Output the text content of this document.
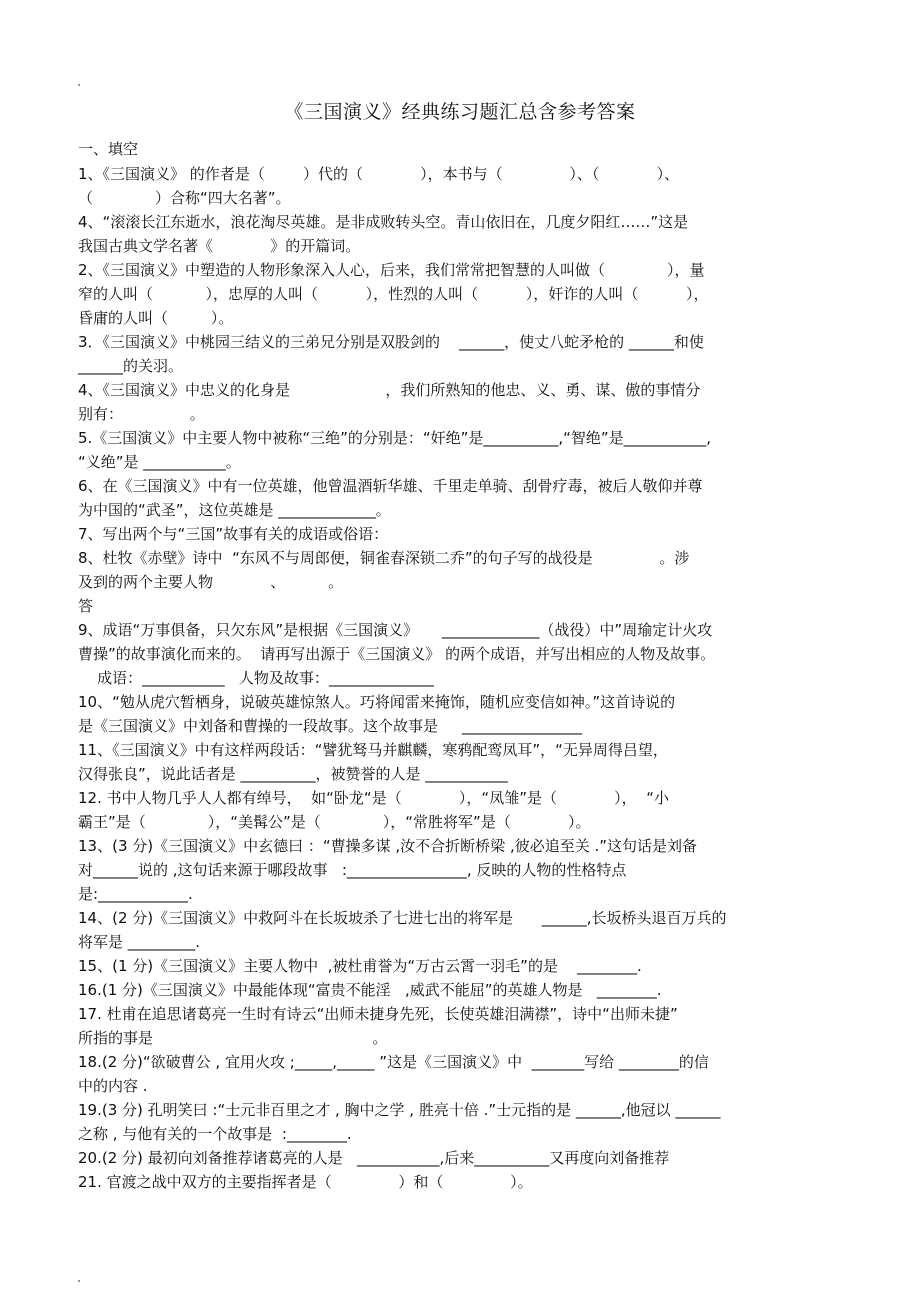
《三国演义》经典练习题汇总含参考答案
一、填空
1、《三国演义》 的作者是（        ）代的（            ），本书与（              ）、（            ）、
（             ）合称“四大名著”。
4、“滚滚长江东逝水，浪花淘尽英雄。是非成败转头空。青山依旧在，几度夕阳红……”这是
我国古典文学名著《            》的开篇词。
2、《三国演义》中塑造的人物形象深入人心，后来，我们常常把智慧的人叫做（             ），量
窄的人叫（           ），忠厚的人叫（          ），性烈的人叫（          ），奸诈的人叫（          ），
昏庸的人叫（         ）。
3．《三国演义》中桃园三结义的三弟兄分别是双股剑的    ______，使丈八蛇矛枪的 ______和使
______的关羽。
4、《三国演义》中忠义的化身是                    ，我们所熟知的他忠、义、勇、谋、傲的事情分
别有：              。
5.《三国演义》中主要人物中被称“三绝”的分别是：“奸绝”是__________,“智绝”是___________,
“义绝”是 ___________。
6、在《三国演义》中有一位英雄，他曾温酒斩华雄、千里走单骑、刮骨疗毒，被后人敬仰并尊
为中国的“武圣”，这位英雄是 _____________。
7、写出两个与“三国”故事有关的成语或俗语：
8、杜牧《赤壁》诗中  “东风不与周郎便，铜雀春深锁二乔”的句子写的战役是              。涉
及到的两个主要人物            、         。
答
9、成语“万事俱备，只欠东风”是根据《三国演义》     _____________（战役）中”周瑜定计火攻
曹操”的故事演化而来的。  请再写出源于《三国演义》 的两个成语，并写出相应的人物及故事。
成语：___________   人物及故事：______________
10、“勉从虎穴暂栖身，说破英雄惊煞人。巧将闻雷来掩饰，随机应变信如神。”这首诗说的
是《三国演义》中刘备和曹操的一段故事。这个故事是     ________________
11、《三国演义》中有这样两段话：“譬犹驽马并麒麟，寒鸦配鸾凤耳”，“无异周得吕望，
汉得张良”，说此话者是 __________，被赞誉的人是 ___________
12. 书中人物几乎人人都有绰号，  如“卧龙“是（            ），“凤雏”是（            ），  “小
霸王”是（             ），“美髯公”是（             ），“常胜将军”是（            ）。
13、(3 分)《三国演义》中玄德曰 ：“曹操多谋 ,汝不合折断桥梁 ,彼必追至关 .”这句话是刘备
对______说的 ,这句话来源于哪段故事   :________________, 反映的人物的性格特点
是:____________.
14、(2 分)《三国演义》中救阿斗在长坂坡杀了七进七出的将军是      ______,长坂桥头退百万兵的
将军是 _________.
15、(1 分)《三国演义》主要人物中  ,被杜甫誉为“万古云霄一羽毛”的是    ________.
16.(1 分)《三国演义》中最能体现“富贵不能淫   ,威武不能屈”的英雄人物是   ________.
17. 杜甫在追思诸葛亮一生时有诗云“出师未捷身先死，长使英雄泪满襟”，诗中“出师未捷”
所指的事是                                              。
18.(2 分)“欲破曹公 , 宜用火攻 ;_____,_____ ”这是《三国演义》中  _______写给 ________的信
中的内容 .
19.(3 分) 孔明笑曰 :“士元非百里之才 , 胸中之学 , 胜亮十倍 .”士元指的是 ______,他冠以 ______
之称 , 与他有关的一个故事是  :________.
20.(2 分) 最初向刘备推荐诸葛亮的人是   ___________,后来__________又再度向刘备推荐
21. 官渡之战中双方的主要指挥者是（              ）和（              ）。
